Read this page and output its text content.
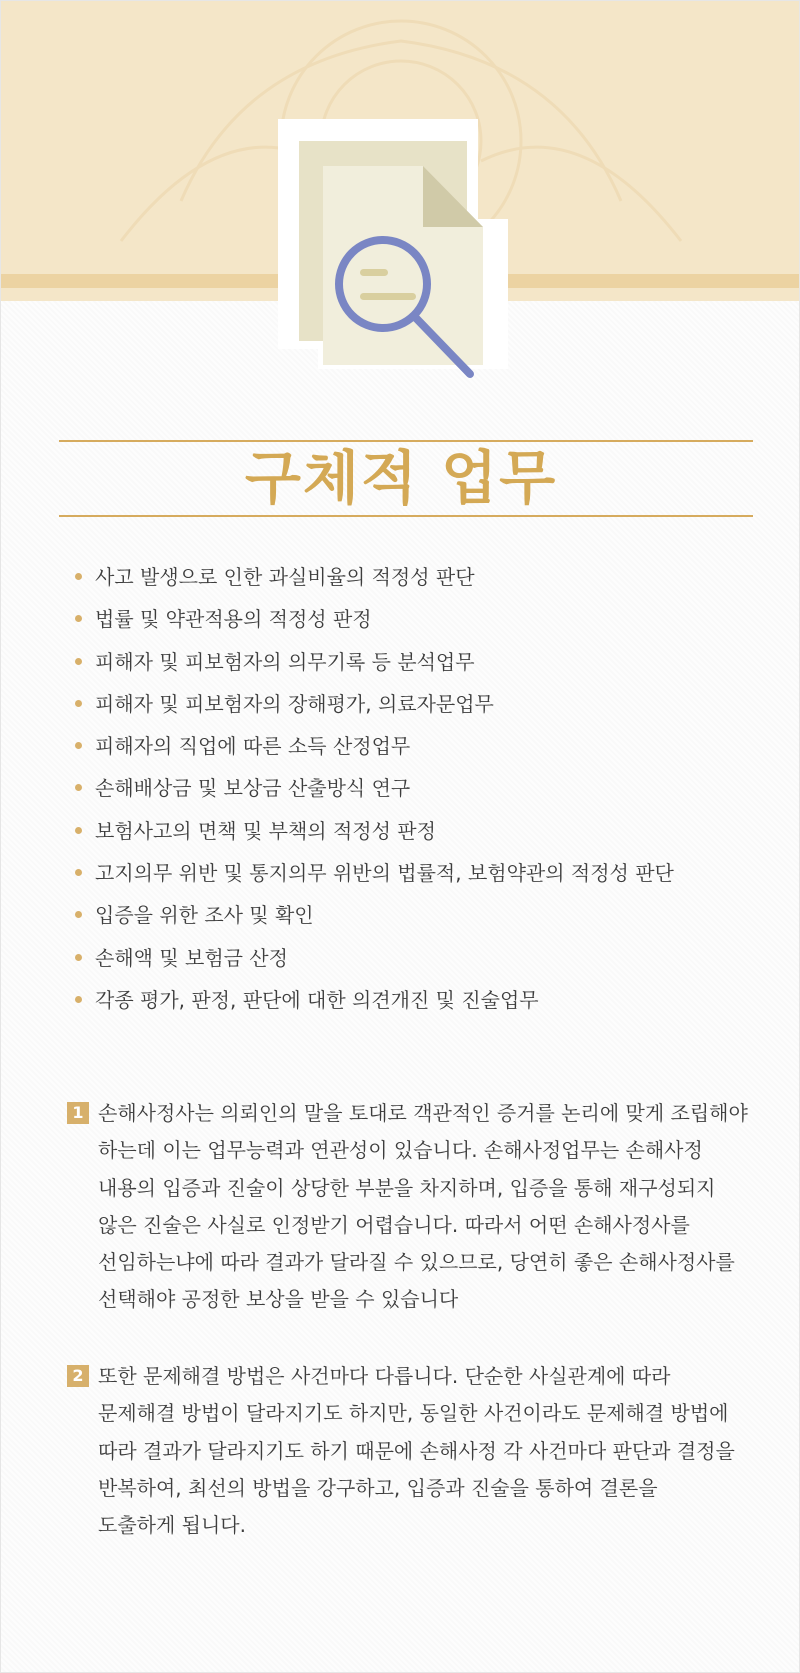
구체적 업무
사고 발생으로 인한 과실비율의 적정성 판단
법률 및 약관적용의 적정성 판정
피해자 및 피보험자의 의무기록 등 분석업무
피해자 및 피보험자의 장해평가, 의료자문업무
피해자의 직업에 따른 소득 산정업무
손해배상금 및 보상금 산출방식 연구
보험사고의 면책 및 부책의 적정성 판정
고지의무 위반 및 통지의무 위반의 법률적, 보험약관의 적정성 판단
입증을 위한 조사 및 확인
손해액 및 보험금 산정
각종 평가, 판정, 판단에 대한 의견개진 및 진술업무
1 손해사정사는 의뢰인의 말을 토대로 객관적인 증거를 논리에 맞게 조립해야
하는데 이는 업무능력과 연관성이 있습니다. 손해사정업무는 손해사정
내용의 입증과 진술이 상당한 부분을 차지하며, 입증을 통해 재구성되지
않은 진술은 사실로 인정받기 어렵습니다. 따라서 어떤 손해사정사를
선임하는냐에 따라 결과가 달라질 수 있으므로, 당연히 좋은 손해사정사를
선택해야 공정한 보상을 받을 수 있습니다
2 또한 문제해결 방법은 사건마다 다릅니다. 단순한 사실관계에 따라
문제해결 방법이 달라지기도 하지만, 동일한 사건이라도 문제해결 방법에
따라 결과가 달라지기도 하기 때문에 손해사정 각 사건마다 판단과 결정을
반복하여, 최선의 방법을 강구하고, 입증과 진술을 통하여 결론을
도출하게 됩니다.
